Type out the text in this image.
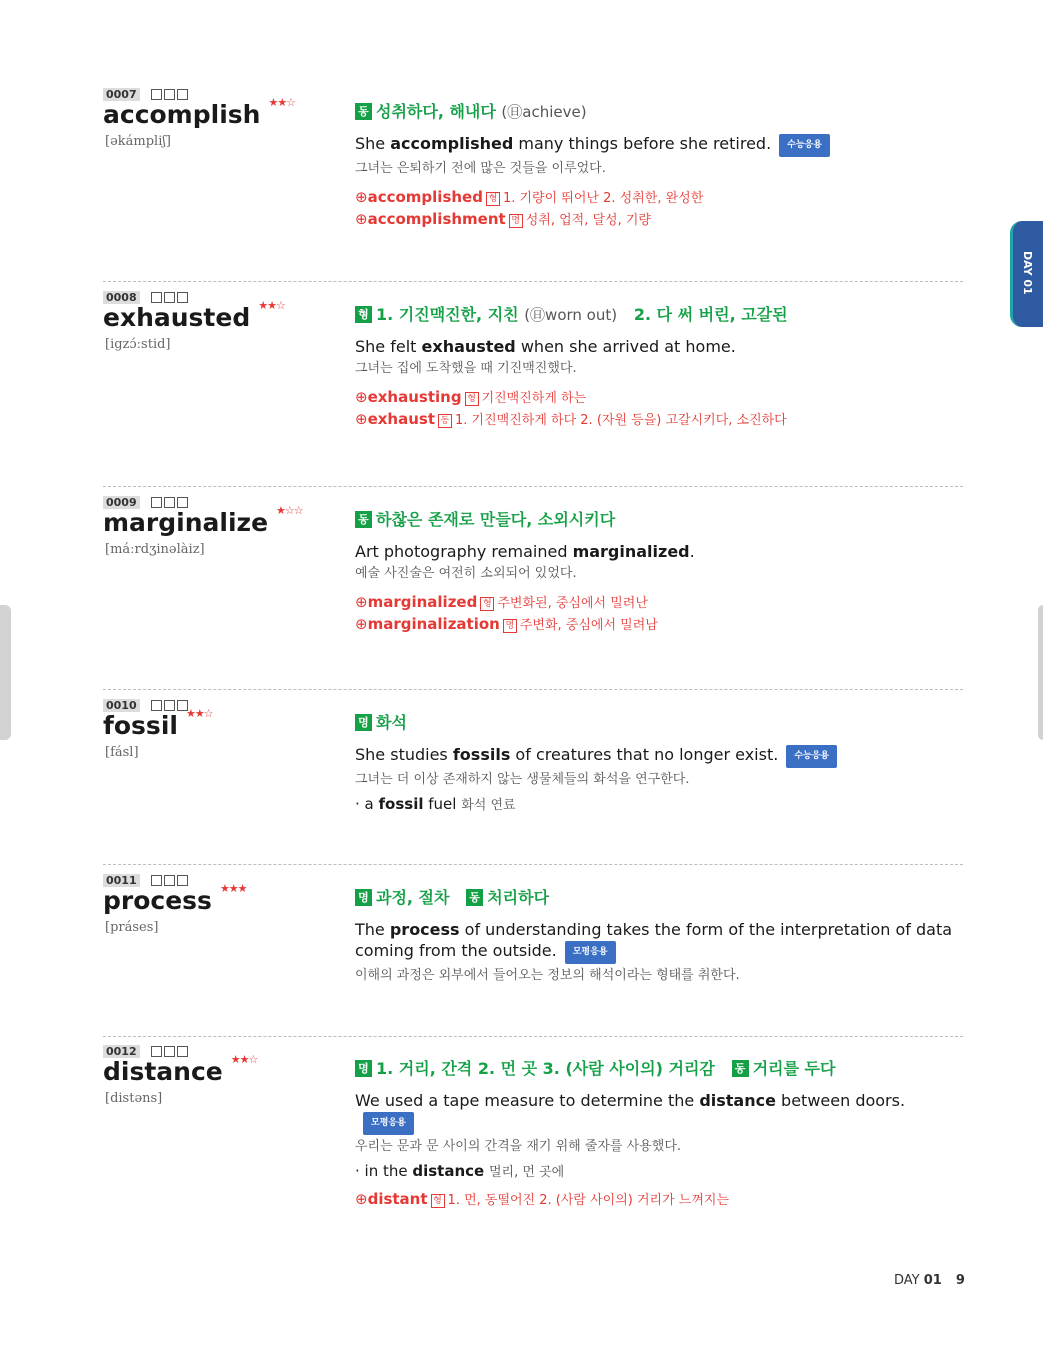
DAY 01
0007
accomplish ★★☆
[əkámpliʃ]
동 성취하다, 해내다 (㊐achieve)
She accomplished many things before she retired. 수능응용
그녀는 은퇴하기 전에 많은 것들을 이루었다.
⊕accomplished 형 1. 기량이 뛰어난 2. 성취한, 완성한
⊕accomplishment 명 성취, 업적, 달성, 기량
0008
exhausted ★★☆
[igzɔ́ːstid]
형 1. 기진맥진한, 지친 (㊐worn out) 2. 다 써 버린, 고갈된
She felt exhausted when she arrived at home.
그녀는 집에 도착했을 때 기진맥진했다.
⊕exhausting 형 기진맥진하게 하는
⊕exhaust 동 1. 기진맥진하게 하다 2. (자원 등을) 고갈시키다, 소진하다
0009
marginalize ★☆☆
[máːrdʒinəlàiz]
동 하찮은 존재로 만들다, 소외시키다
Art photography remained marginalized.
예술 사진술은 여전히 소외되어 있었다.
⊕marginalized 형 주변화된, 중심에서 밀려난
⊕marginalization 명 주변화, 중심에서 밀려남
0010
fossil ★★☆
[fásl]
명 화석
She studies fossils of creatures that no longer exist. 수능응용
그녀는 더 이상 존재하지 않는 생물체들의 화석을 연구한다.
· a fossil fuel 화석 연료
0011
process ★★★
[práses]
명 과정, 절차 동 처리하다
The process of understanding takes the form of the interpretation of data coming from the outside. 모평응용
이해의 과정은 외부에서 들어오는 정보의 해석이라는 형태를 취한다.
0012
distance ★★☆
[distəns]
명 1. 거리, 간격 2. 먼 곳 3. (사람 사이의) 거리감 동 거리를 두다
We used a tape measure to determine the distance between doors.모평응용
우리는 문과 문 사이의 간격을 재기 위해 줄자를 사용했다.
· in the distance 멀리, 먼 곳에
⊕distant 형 1. 먼, 동떨어진 2. (사람 사이의) 거리가 느껴지는
DAY 01 9
